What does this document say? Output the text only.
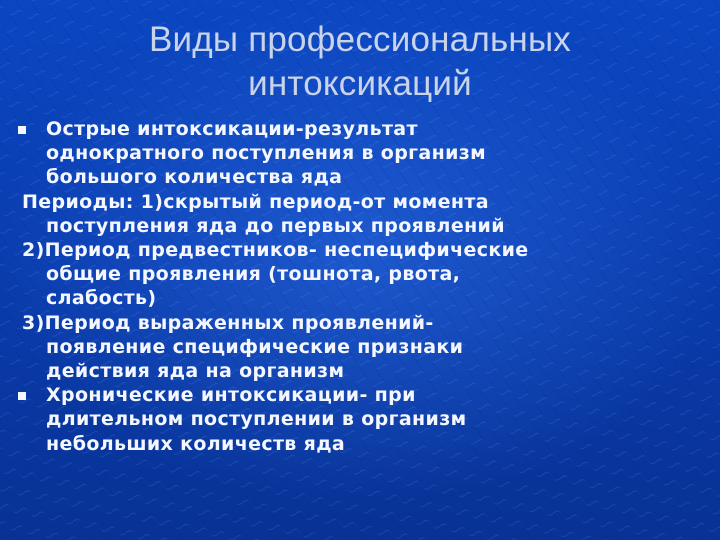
Виды профессиональных
интоксикаций
Острые интоксикации-результат
однократного поступления в организм
большого количества яда
Периоды: 1)скрытый период-от момента
поступления яда до первых проявлений
2)Период предвестников- неспецифические
общие проявления (тошнота, рвота,
слабость)
3)Период выраженных проявлений-
появление специфические признаки
действия яда на организм
Хронические интоксикации- при
длительном поступлении в организм
небольших количеств яда
